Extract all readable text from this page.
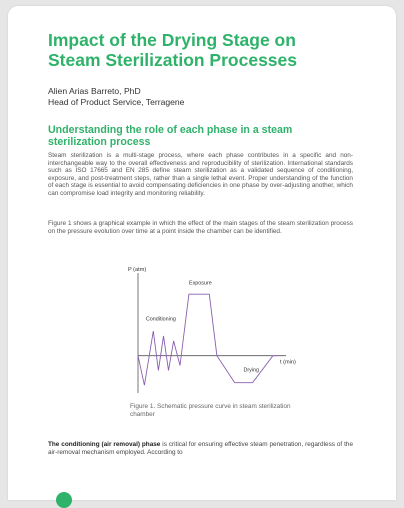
Impact of the Drying Stage on
Steam Sterilization Processes
Alien Arias Barreto, PhD
Head of Product Service, Terragene
Understanding the role of each phase in a steam
sterilization process

Steam sterilization is a multi-stage process, where each phase contributes in a specific and non-interchangeable way to the overall effectiveness and reproducibility of sterilization. International standards such as ISO 17665 and EN 285 define steam sterilization as a validated sequence of conditioning, exposure, and post-treatment steps, rather than a single lethal event. Proper understanding of the function of each stage is essential to avoid compensating deficiencies in one phase by over-adjusting another, which can compromise load integrity and monitoring reliability.

Figure 1 shows a graphical example in which the effect of the main stages of the steam sterilization process on the pressure evolution over time at a point inside the chamber can be identified.

P (atm)
t (min)
Conditioning
Exposure
Drying

Figure 1. Schematic pressure curve in steam sterilization chamber

The conditioning (air removal) phase is critical for ensuring effective steam penetration, regardless of the air-removal mechanism employed. According to
